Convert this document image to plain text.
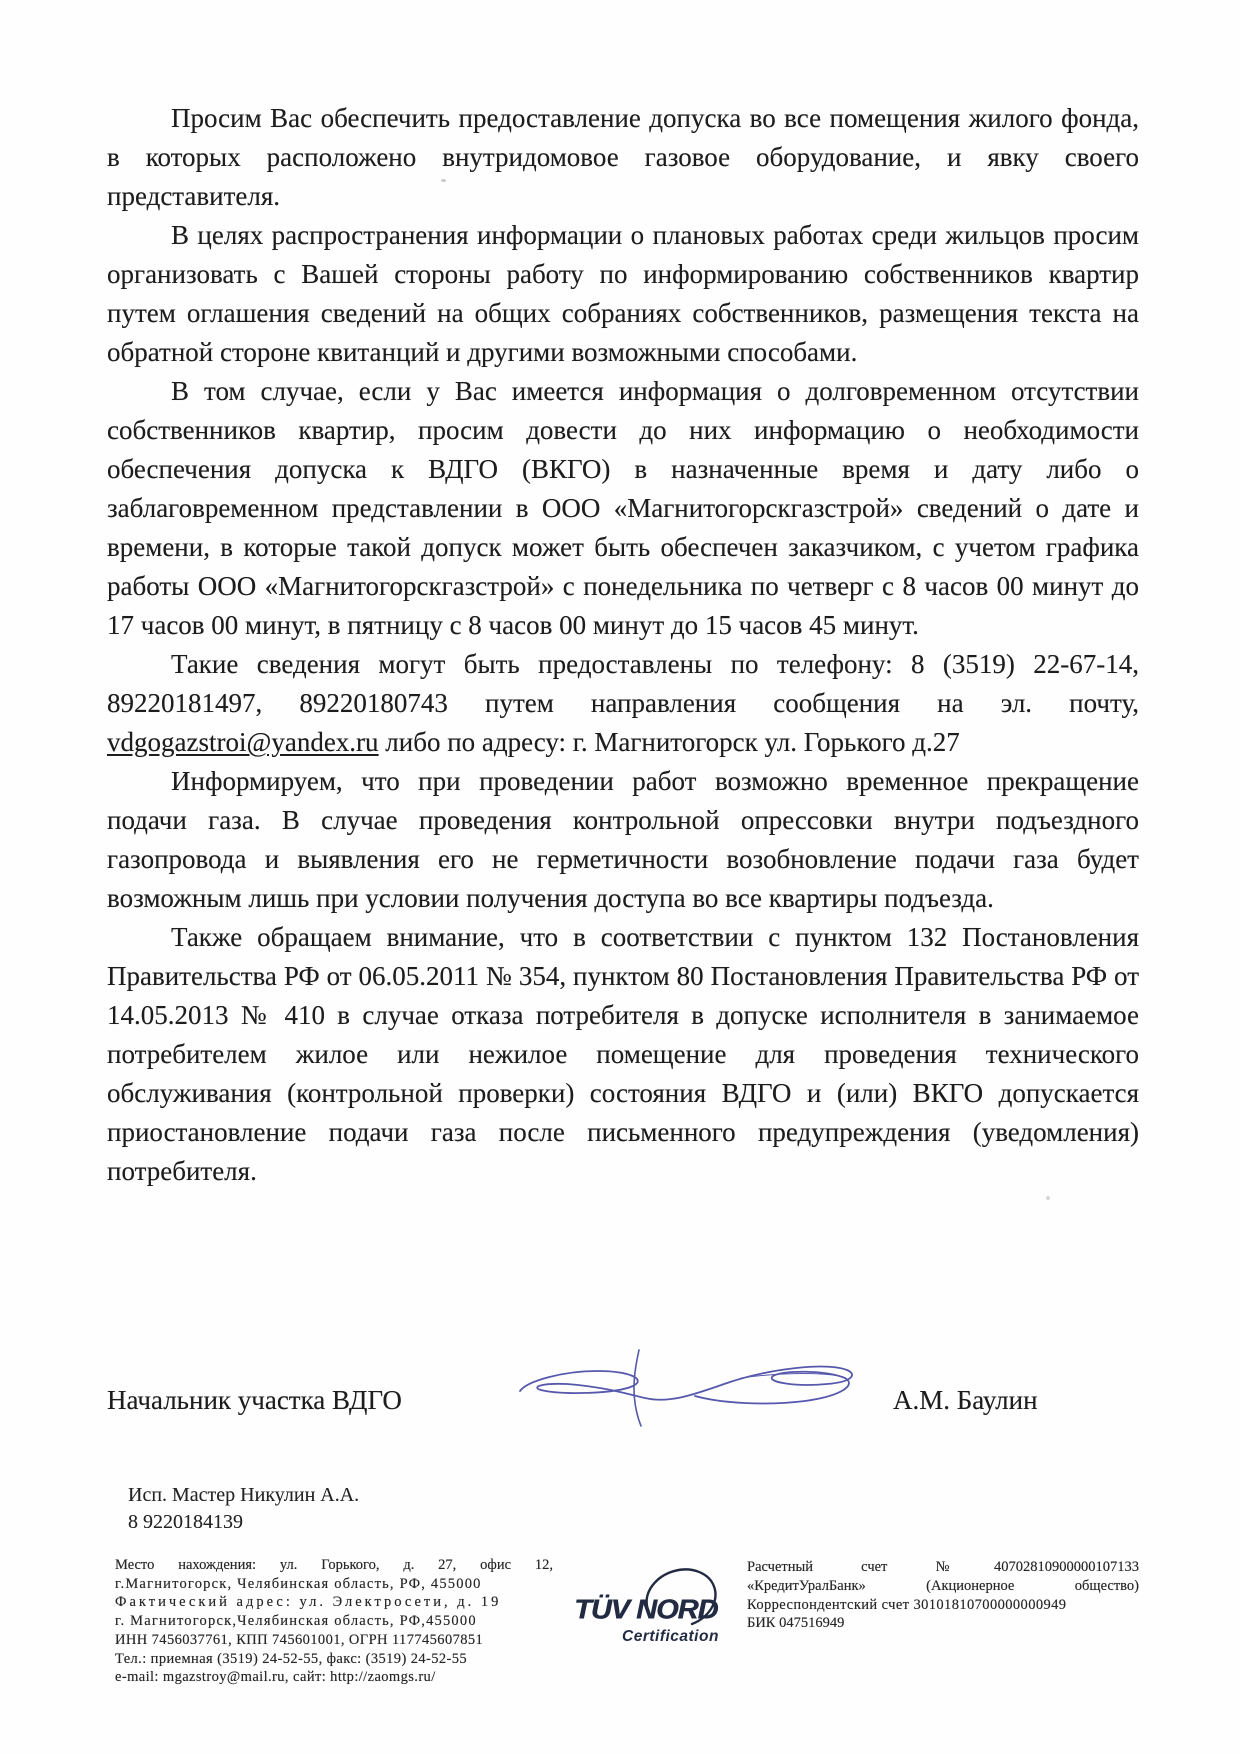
Просим Вас обеспечить предоставление допуска во все помещения жилого фонда, в которых расположено внутридомовое газовое оборудование, и явку своего представителя.

В целях распространения информации о плановых работах среди жильцов просим организовать с Вашей стороны работу по информированию собственников квартир путем оглашения сведений на общих собраниях собственников, размещения текста на обратной стороне квитанций и другими возможными способами.

В том случае, если у Вас имеется информация о долговременном отсутствии собственников квартир, просим довести до них информацию о необходимости обеспечения допуска к ВДГО (ВКГО) в назначенные время и дату либо о заблаговременном представлении в ООО «Магнитогорскгазстрой» сведений о дате и времени, в которые такой допуск может быть обеспечен заказчиком, с учетом графика работы ООО «Магнитогорскгазстрой» с понедельника по четверг с 8 часов 00 минут до 17 часов 00 минут, в пятницу с 8 часов 00 минут до 15 часов 45 минут.

Такие сведения могут быть предоставлены по телефону: 8 (3519) 22-67-14, 89220181497, 89220180743 путем направления сообщения на эл. почту, vdgogazstroi@yandex.ru либо по адресу: г. Магнитогорск ул. Горького д.27

Информируем, что при проведении работ возможно временное прекращение подачи газа. В случае проведения контрольной опрессовки внутри подъездного газопровода и выявления его не герметичности возобновление подачи газа будет возможным лишь при условии получения доступа во все квартиры подъезда.

Также обращаем внимание, что в соответствии с пунктом 132 Постановления Правительства РФ от 06.05.2011 № 354, пунктом 80 Постановления Правительства РФ от 14.05.2013 № 410 в случае отказа потребителя в допуске исполнителя в занимаемое потребителем жилое или нежилое помещение для проведения технического обслуживания (контрольной проверки) состояния ВДГО и (или) ВКГО допускается приостановление подачи газа после письменного предупреждения (уведомления) потребителя.

Начальник участка ВДГО	А.М. Баулин
Исп. Мастер Никулин А.А.
8 9220184139
Место нахождения: ул. Горького, д. 27, офис 12,
г.Магнитогорск, Челябинская область, РФ, 455000
Фактический адрес: ул. Электросети, д. 19
г. Магнитогорск,Челябинская область, РФ,455000
ИНН 7456037761, КПП 745601001, ОГРН 117745607851
Тел.: приемная (3519) 24-52-55, факс: (3519) 24-52-55
e-mail: mgazstroy@mail.ru, сайт: http://zaomgs.ru/
TÜV NORD
Certification
Расчетный счет №40702810900000107133
«КредитУралБанк» (Акционерное общество)
Корреспондентский счет 30101810700000000949
БИК 047516949
